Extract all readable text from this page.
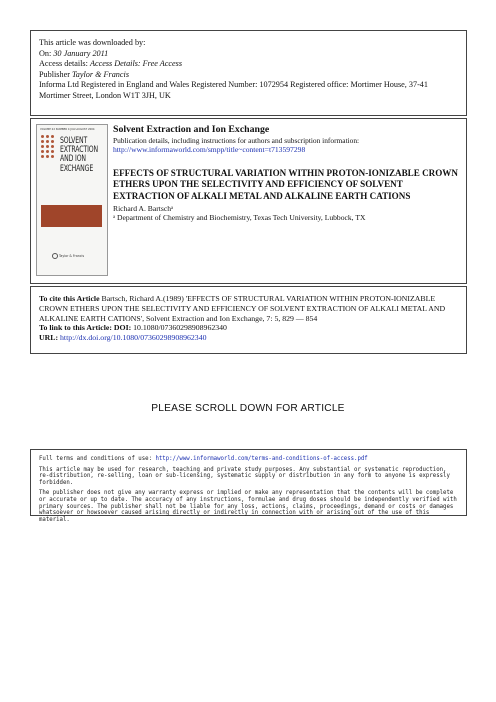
This article was downloaded by:
On: 30 January 2011
Access details: Access Details: Free Access
Publisher Taylor & Francis
Informa Ltd Registered in England and Wales Registered Number: 1072954 Registered office: Mortimer House, 37-41 Mortimer Street, London W1T 3JH, UK
VOLUME 22 NUMBER 4 JULY-AUGUST 2004
SOLVENT
EXTRACTION
AND ION
EXCHANGE
Taylor & Francis
Solvent Extraction and Ion Exchange
Publication details, including instructions for authors and subscription information:
http://www.informaworld.com/smpp/title~content=t713597298
EFFECTS OF STRUCTURAL VARIATION WITHIN PROTON-IONIZABLE CROWN ETHERS UPON THE SELECTIVITY AND EFFICIENCY OF SOLVENT EXTRACTION OF ALKALI METAL AND ALKALINE EARTH CATIONS
Richard A. Bartschᵃ
ᵃ Department of Chemistry and Biochemistry, Texas Tech University, Lubbock, TX
To cite this Article Bartsch, Richard A.(1989) 'EFFECTS OF STRUCTURAL VARIATION WITHIN PROTON-IONIZABLE CROWN ETHERS UPON THE SELECTIVITY AND EFFICIENCY OF SOLVENT EXTRACTION OF ALKALI METAL AND ALKALINE EARTH CATIONS', Solvent Extraction and Ion Exchange, 7: 5, 829 — 854
To link to this Article: DOI: 10.1080/07360298908962340
URL: http://dx.doi.org/10.1080/07360298908962340
PLEASE SCROLL DOWN FOR ARTICLE

Full terms and conditions of use: http://www.informaworld.com/terms-and-conditions-of-access.pdf

This article may be used for research, teaching and private study purposes. Any substantial or systematic reproduction, re-distribution, re-selling, loan or sub-licensing, systematic supply or distribution in any form to anyone is expressly forbidden.

The publisher does not give any warranty express or implied or make any representation that the contents will be complete or accurate or up to date. The accuracy of any instructions, formulae and drug doses should be independently verified with primary sources. The publisher shall not be liable for any loss, actions, claims, proceedings, demand or costs or damages whatsoever or howsoever caused arising directly or indirectly in connection with or arising out of the use of this material.
